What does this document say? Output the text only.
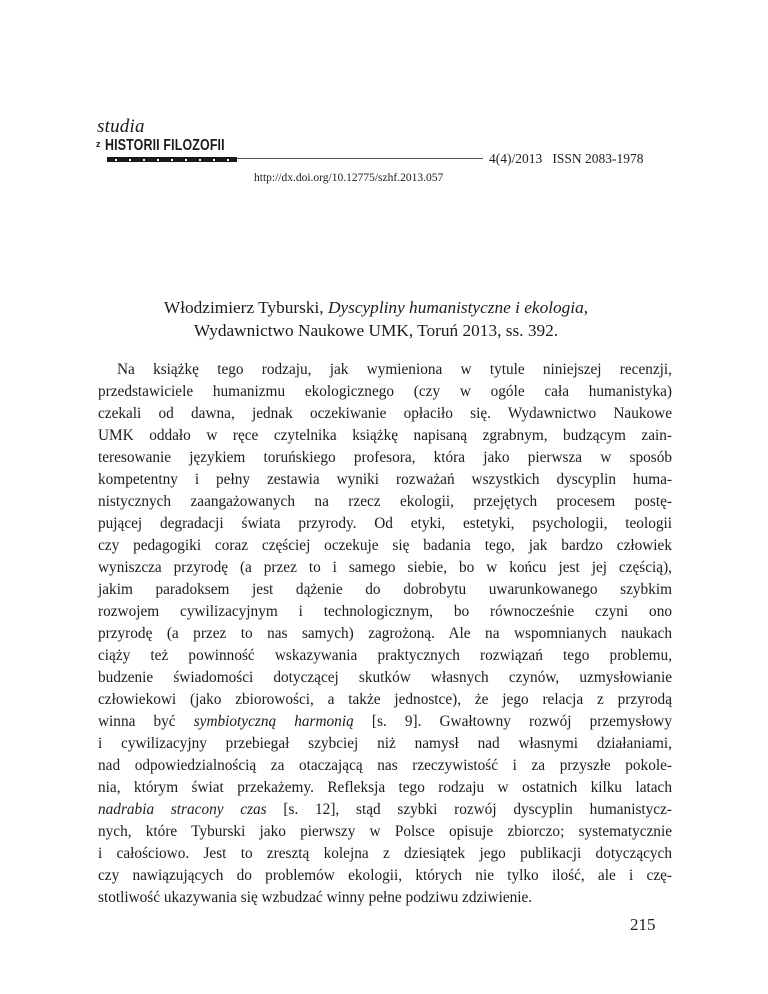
studia
z HISTORII FILOZOFII
4(4)/2013   ISSN 2083-1978
http://dx.doi.org/10.12775/szhf.2013.057
Włodzimierz Tyburski, Dyscypliny humanistyczne i ekologia,
Wydawnictwo Naukowe UMK, Toruń 2013, ss. 392.
Na książkę tego rodzaju, jak wymieniona w tytule niniejszej recenzji,
przedstawiciele humanizmu ekologicznego (czy w ogóle cała humanistyka)
czekali od dawna, jednak oczekiwanie opłaciło się. Wydawnictwo Naukowe
UMK oddało w ręce czytelnika książkę napisaną zgrabnym, budzącym zain-
teresowanie językiem toruńskiego profesora, która jako pierwsza w sposób
kompetentny i pełny zestawia wyniki rozważań wszystkich dyscyplin huma-
nistycznych zaangażowanych na rzecz ekologii, przejętych procesem postę-
pującej degradacji świata przyrody. Od etyki, estetyki, psychologii, teologii
czy pedagogiki coraz częściej oczekuje się badania tego, jak bardzo człowiek
wyniszcza przyrodę (a przez to i samego siebie, bo w końcu jest jej częścią),
jakim paradoksem jest dążenie do dobrobytu uwarunkowanego szybkim
rozwojem cywilizacyjnym i technologicznym, bo równocześnie czyni ono
przyrodę (a przez to nas samych) zagrożoną. Ale na wspomnianych naukach
ciąży też powinność wskazywania praktycznych rozwiązań tego problemu,
budzenie świadomości dotyczącej skutków własnych czynów, uzmysłowianie
człowiekowi (jako zbiorowości, a także jednostce), że jego relacja z przyrodą
winna być symbiotyczną harmonią [s. 9]. Gwałtowny rozwój przemysłowy
i cywilizacyjny przebiegał szybciej niż namysł nad własnymi działaniami,
nad odpowiedzialnością za otaczającą nas rzeczywistość i za przyszłe pokole-
nia, którym świat przekażemy. Refleksja tego rodzaju w ostatnich kilku latach
nadrabia stracony czas [s. 12], stąd szybki rozwój dyscyplin humanistycz-
nych, które Tyburski jako pierwszy w Polsce opisuje zbiorczo; systematycznie
i całościowo. Jest to zresztą kolejna z dziesiątek jego publikacji dotyczących
czy nawiązujących do problemów ekologii, których nie tylko ilość, ale i czę-
stotliwość ukazywania się wzbudzać winny pełne podziwu zdziwienie.
215
